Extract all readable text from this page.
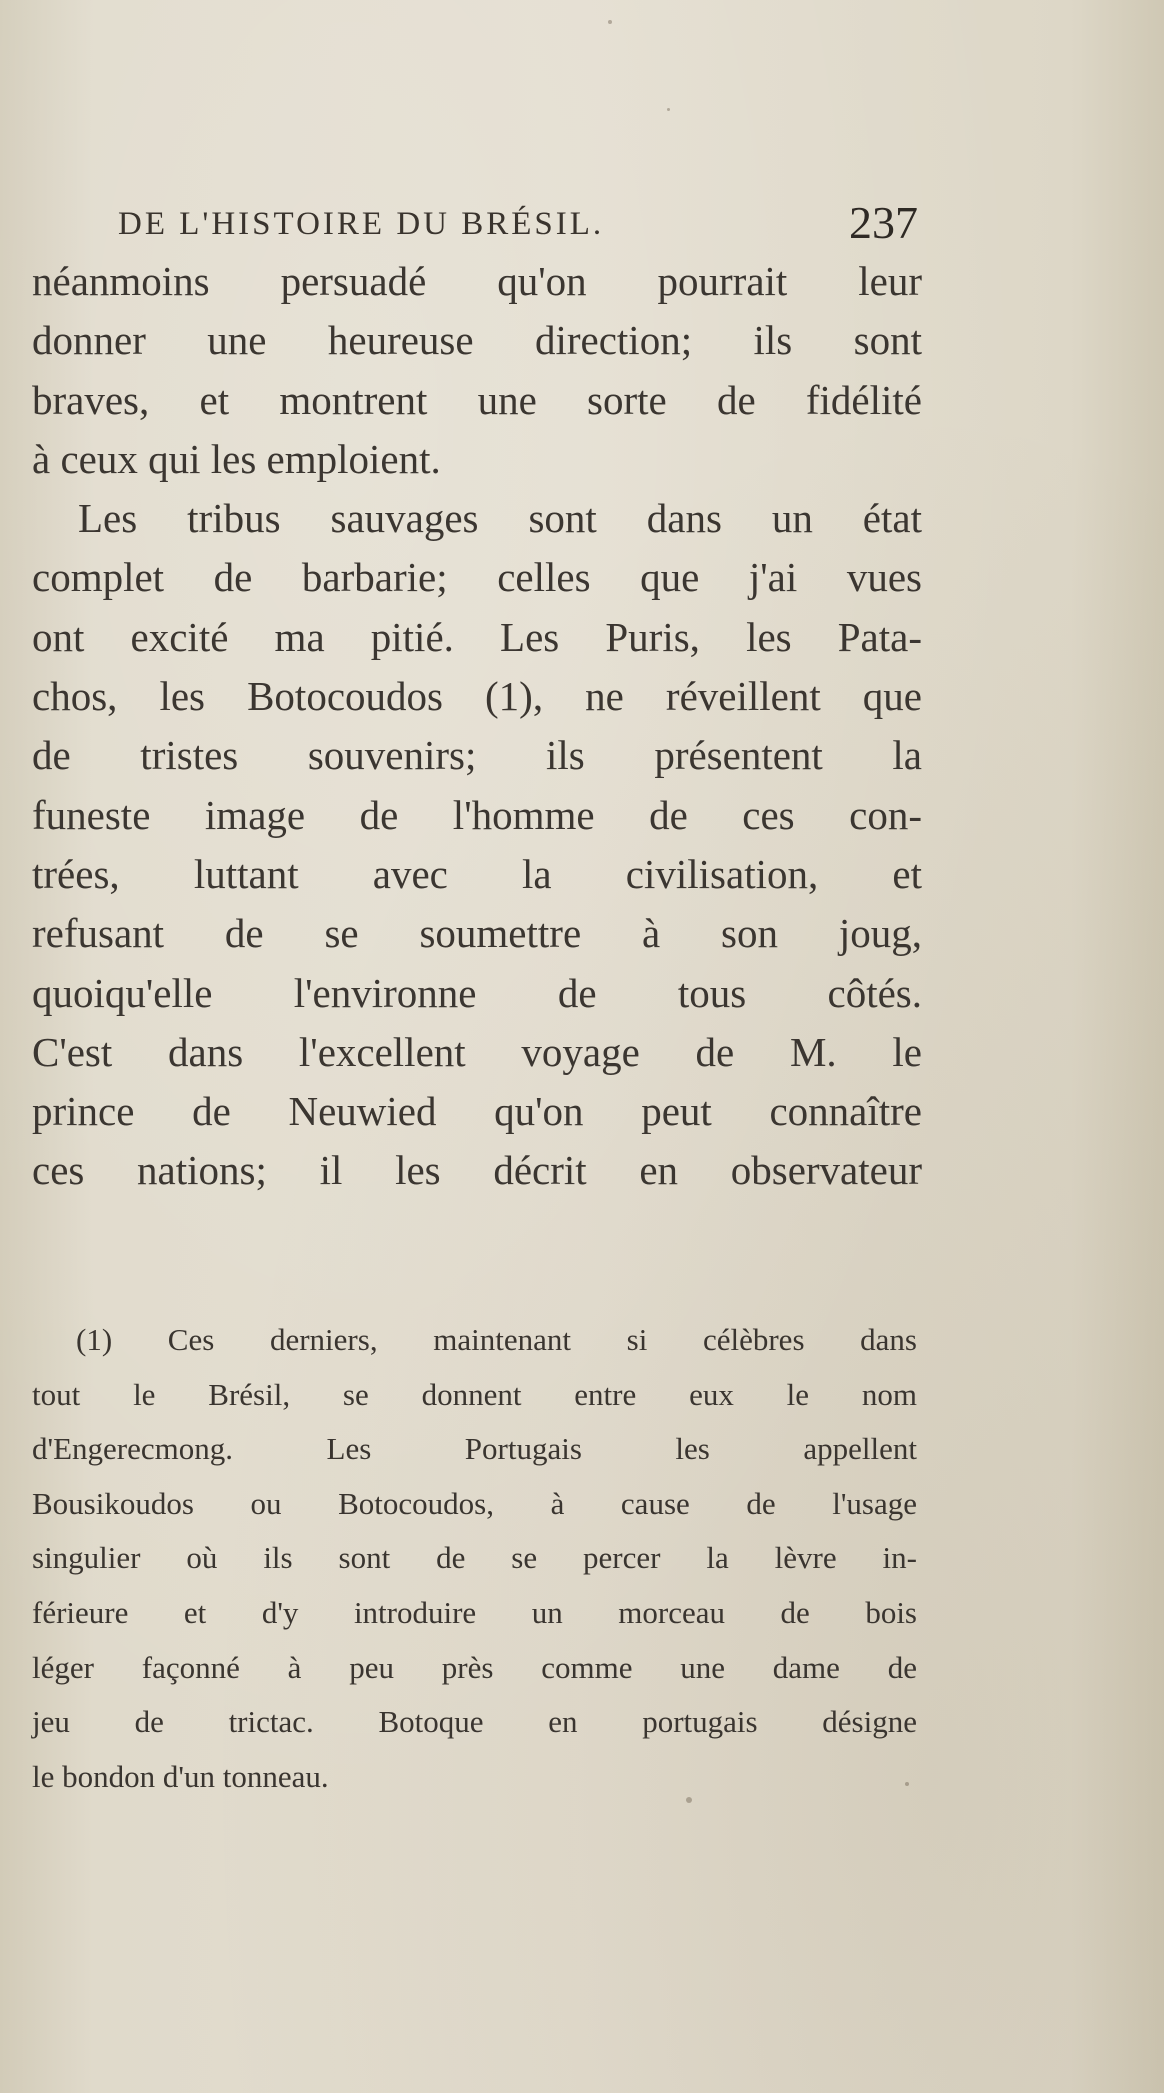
DE L'HISTOIRE DU BRÉSIL.	237
néanmoins persuadé qu'on pourrait leur
donner une heureuse direction; ils sont
braves, et montrent une sorte de fidélité
à ceux qui les emploient.
Les tribus sauvages sont dans un état
complet de barbarie; celles que j'ai vues
ont excité ma pitié. Les Puris, les Pata-
chos, les Botocoudos (1), ne réveillent que
de tristes souvenirs; ils présentent la
funeste image de l'homme de ces con-
trées, luttant avec la civilisation, et
refusant de se soumettre à son joug,
quoiqu'elle l'environne de tous côtés.
C'est dans l'excellent voyage de M. le
prince de Neuwied qu'on peut connaître
ces nations; il les décrit en observateur
(1) Ces derniers, maintenant si célèbres dans
tout le Brésil, se donnent entre eux le nom
d'Engerecmong. Les Portugais les appellent
Bousikoudos ou Botocoudos, à cause de l'usage
singulier où ils sont de se percer la lèvre in-
férieure et d'y introduire un morceau de bois
léger façonné à peu près comme une dame de
jeu de trictac. Botoque en portugais désigne
le bondon d'un tonneau.
